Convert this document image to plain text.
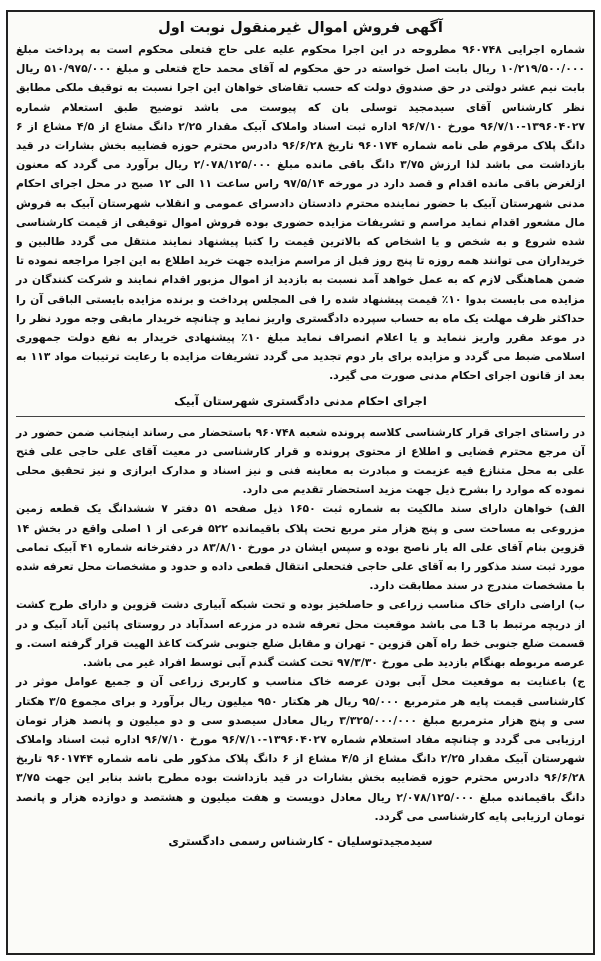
آگهی فروش اموال غیرمنقول نوبت اول

شماره اجرایی ۹۶۰۷۴۸ مطروحه در این اجرا محکوم علیه علی حاج فتعلی محکوم است به پرداخت مبلغ ۱۰/۲۱۹/۵۰۰/۰۰۰ ریال بابت اصل خواسته در حق محکوم له آقای محمد حاج فتعلی و مبلغ ۵۱۰/۹۷۵/۰۰۰ ریال بابت نیم عشر دولتی در حق صندوق دولت که حسب تقاضای خواهان این اجرا نسبت به توقیف ملکی مطابق نظر کارشناس آقای سیدمجید توسلی بان که پیوست می باشد توضیح طبق استعلام شماره ۱۳۹۶۰۴۰۲۷-۹۶/۷/۱۰ مورخ ۹۶/۷/۱۰ اداره ثبت اسناد واملاک آبیک مقدار ۲/۲۵ دانگ مشاع از ۴/۵ مشاع از ۶ دانگ پلاک مرقوم طی نامه شماره ۹۶۰۱۷۴ تاریخ ۹۶/۶/۲۸ دادرس محترم حوزه قضاییه بخش بشارات در قید بازداشت می باشد لذا ارزش ۳/۷۵ دانگ باقی مانده مبلغ ۲/۰۷۸/۱۲۵/۰۰۰ ریال برآورد می گردد که معنون ازلغرض باقی مانده اقدام و قصد دارد در مورخه ۹۷/۵/۱۴ راس ساعت ۱۱ الی ۱۲ صبح در محل اجرای احکام مدنی شهرستان آبیک با حضور نماینده محترم دادستان دادسرای عمومی و انقلاب شهرستان آبیک به فروش مال مشعور اقدام نماید مراسم و تشریفات مزایده حضوری بوده فروش اموال توقیفی از قیمت کارشناسی شده شروع و به شخص و یا اشخاص که بالاترین قیمت را کتبا پیشنهاد نمایند منتقل می گردد طالبین و خریداران می توانند همه روزه تا پنج روز قبل از مراسم مزایده جهت خرید اطلاع به این اجرا مراجعه نموده تا ضمن هماهنگی لازم که به عمل خواهد آمد نسبت به بازدید از اموال مزبور اقدام نمایند و شرکت کنندگان در مزایده می بایست بدوا ۱۰٪ قیمت پیشنهاد شده را فی المجلس پرداخت و برنده مزایده بایستی الباقی آن را حداکثر ظرف مهلت یک ماه به حساب سپرده دادگستری واریز نماید و چنانچه خریدار مابقی وجه مورد نظر را در موعد مقرر واریز ننماید و یا اعلام انصراف نماید مبلغ ۱۰٪ پیشنهادی خریدار به نفع دولت جمهوری اسلامی ضبط می گردد و مزایده برای بار دوم تجدید می گردد تشریفات مزایده با رعایت ترتیبات مواد ۱۱۳ به بعد از قانون اجرای احکام مدنی صورت می گیرد.

اجرای احکام مدنی دادگستری شهرستان آبیک

در راستای اجرای قرار کارشناسی کلاسه پرونده شعبه ۹۶۰۷۴۸ باستحضار می رساند اینجانب ضمن حضور در آن مرجع محترم قضایی و اطلاع از محتوی پرونده و قرار کارشناسی در معیت آقای علی حاجی علی فتح علی به محل متنازع فیه عزیمت و مبادرت به معاینه فنی و نیز اسناد و مدارک ابرازی و نیز تحقیق محلی نموده که موارد را بشرح ذیل جهت مزید استحضار تقدیم می دارد.

الف) خواهان دارای سند مالکیت به شماره ثبت ۱۶۵۰ ذیل صفحه ۵۱ دفتر ۷ ششدانگ یک قطعه زمین مزروعی به مساحت سی و پنج هزار متر مربع تحت پلاک باقیمانده ۵۲۲ فرعی از ۱ اصلی واقع در بخش ۱۴ قزوین بنام آقای علی اله یار ناصح بوده و سپس ایشان در مورخ ۸۳/۸/۱۰ در دفترخانه شماره ۴۱ آبیک تمامی مورد ثبت سند مذکور را به آقای علی حاجی فتحعلی انتقال قطعی داده و حدود و مشخصات محل تعرفه شده با مشخصات مندرج در سند مطابقت دارد.

ب) اراضی دارای خاک مناسب زراعی و حاصلخیز بوده و تحت شبکه آبیاری دشت قزوین و دارای طرح کشت از دریچه مرتبط با L3 می باشد موقعیت محل تعرفه شده در مزرعه اسدآباد در روستای پائین آباد آبیک و در قسمت ضلع جنوبی خط راه آهن قزوین - تهران و مقابل ضلع جنوبی شرکت کاغذ الهیت قرار گرفته است. و عرصه مربوطه بهنگام بازدید طی مورخ ۹۷/۳/۳۰ تحت کشت گندم آبی توسط افراد غیر می باشد.

ج) باعنایت به موقعیت محل آبی بودن عرصه خاک مناسب و کاربری زراعی آن و جمیع عوامل موثر در کارشناسی قیمت پایه هر مترمربع ۹۵/۰۰۰ ریال هر هکتار ۹۵۰ میلیون ریال برآورد و برای مجموع ۳/۵ هکتار سی و پنج هزار مترمربع مبلغ ۳/۳۲۵/۰۰۰/۰۰۰ ریال معادل سیصدو سی و دو میلیون و پانصد هزار تومان ارزیابی می گردد و چنانچه مفاد استعلام شماره ۱۳۹۶۰۴۰۲۷-۹۶/۷/۱۰ مورخ ۹۶/۷/۱۰ اداره ثبت اسناد واملاک شهرستان آبیک مقدار ۲/۲۵ دانگ مشاع از ۴/۵ مشاع از ۶ دانگ پلاک مذکور طی نامه شماره ۹۶۰۱۷۴۴ تاریخ ۹۶/۶/۲۸ دادرس محترم حوزه قضاییه بخش بشارات در قید بازداشت بوده مطرح باشد بنابر این جهت ۳/۷۵ دانگ باقیمانده مبلغ ۲/۰۷۸/۱۲۵/۰۰۰ ریال معادل دویست و هفت میلیون و هشتصد و دوازده هزار و پانصد تومان ارزیابی پایه کارشناسی می گردد.

سیدمجیدتوسلیان - کارشناس رسمی دادگستری
